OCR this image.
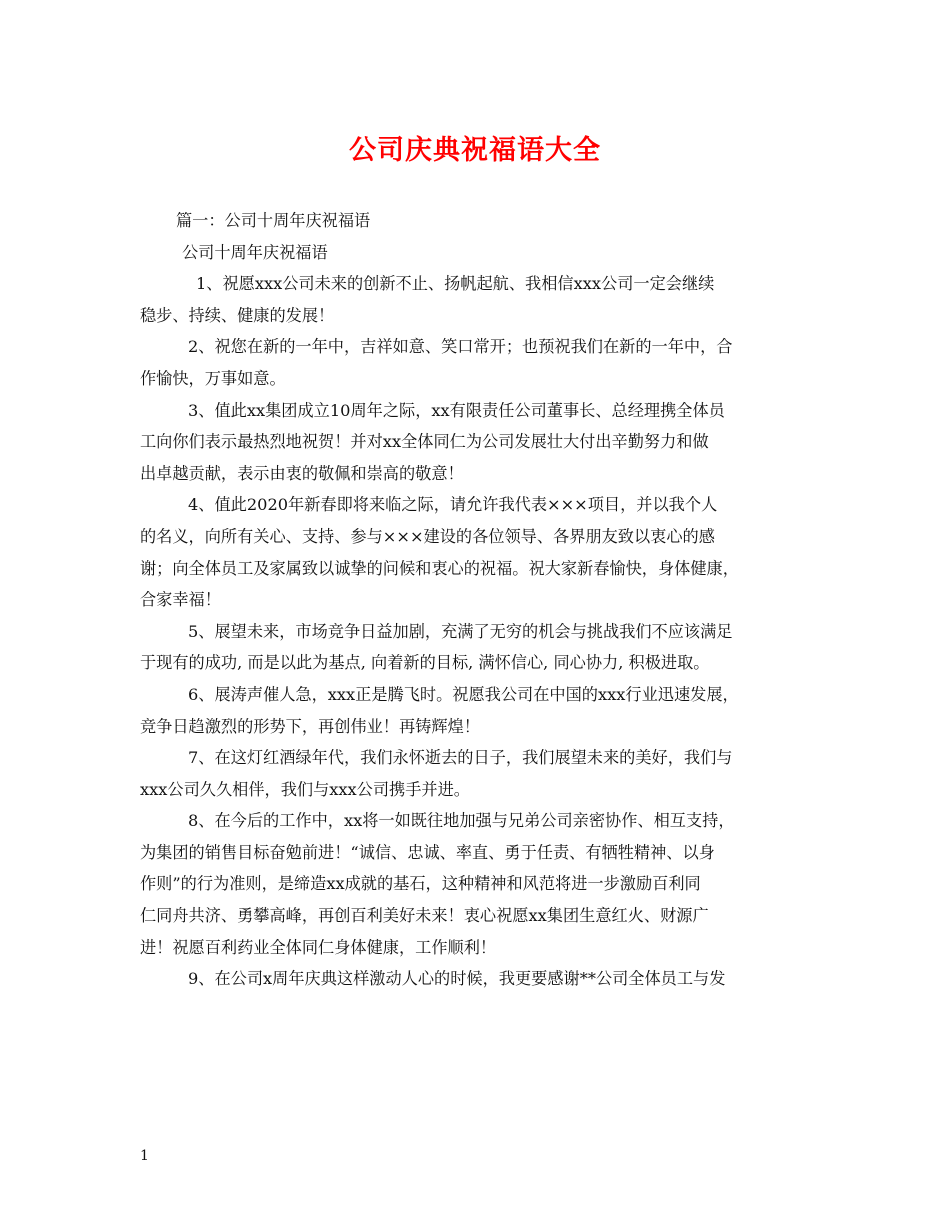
公司庆典祝福语大全
篇一：公司十周年庆祝福语
公司十周年庆祝福语
1、祝愿xxx公司未来的创新不止、扬帆起航、我相信xxx公司一定会继续
稳步、持续、健康的发展！
2、祝您在新的一年中，吉祥如意、笑口常开；也预祝我们在新的一年中，合
作愉快，万事如意。
3、值此xx集团成立10周年之际，xx有限责任公司董事长、总经理携全体员
工向你们表示最热烈地祝贺！并对xx全体同仁为公司发展壮大付出辛勤努力和做
出卓越贡献，表示由衷的敬佩和崇高的敬意！
4、值此2020年新春即将来临之际，请允许我代表×××项目，并以我个人
的名义，向所有关心、支持、参与×××建设的各位领导、各界朋友致以衷心的感
谢；向全体员工及家属致以诚挚的问候和衷心的祝福。祝大家新春愉快，身体健康，
合家幸福！
5、展望未来，市场竞争日益加剧，充满了无穷的机会与挑战我们不应该满足
于现有的成功, 而是以此为基点, 向着新的目标, 满怀信心, 同心协力, 积极进取。
6、展涛声催人急，xxx正是腾飞时。祝愿我公司在中国的xxx行业迅速发展，
竞争日趋激烈的形势下，再创伟业！再铸辉煌！
7、在这灯红酒绿年代，我们永怀逝去的日子，我们展望未来的美好，我们与
xxx公司久久相伴，我们与xxx公司携手并进。
8、在今后的工作中，xx将一如既往地加强与兄弟公司亲密协作、相互支持，
为集团的销售目标奋勉前进！“诚信、忠诚、率直、勇于任责、有牺牲精神、以身
作则”的行为准则，是缔造xx成就的基石，这种精神和风范将进一步激励百利同
仁同舟共济、勇攀高峰，再创百利美好未来！衷心祝愿xx集团生意红火、财源广
进！祝愿百利药业全体同仁身体健康，工作顺利！
9、在公司x周年庆典这样激动人心的时候，我更要感谢**公司全体员工与发
1
